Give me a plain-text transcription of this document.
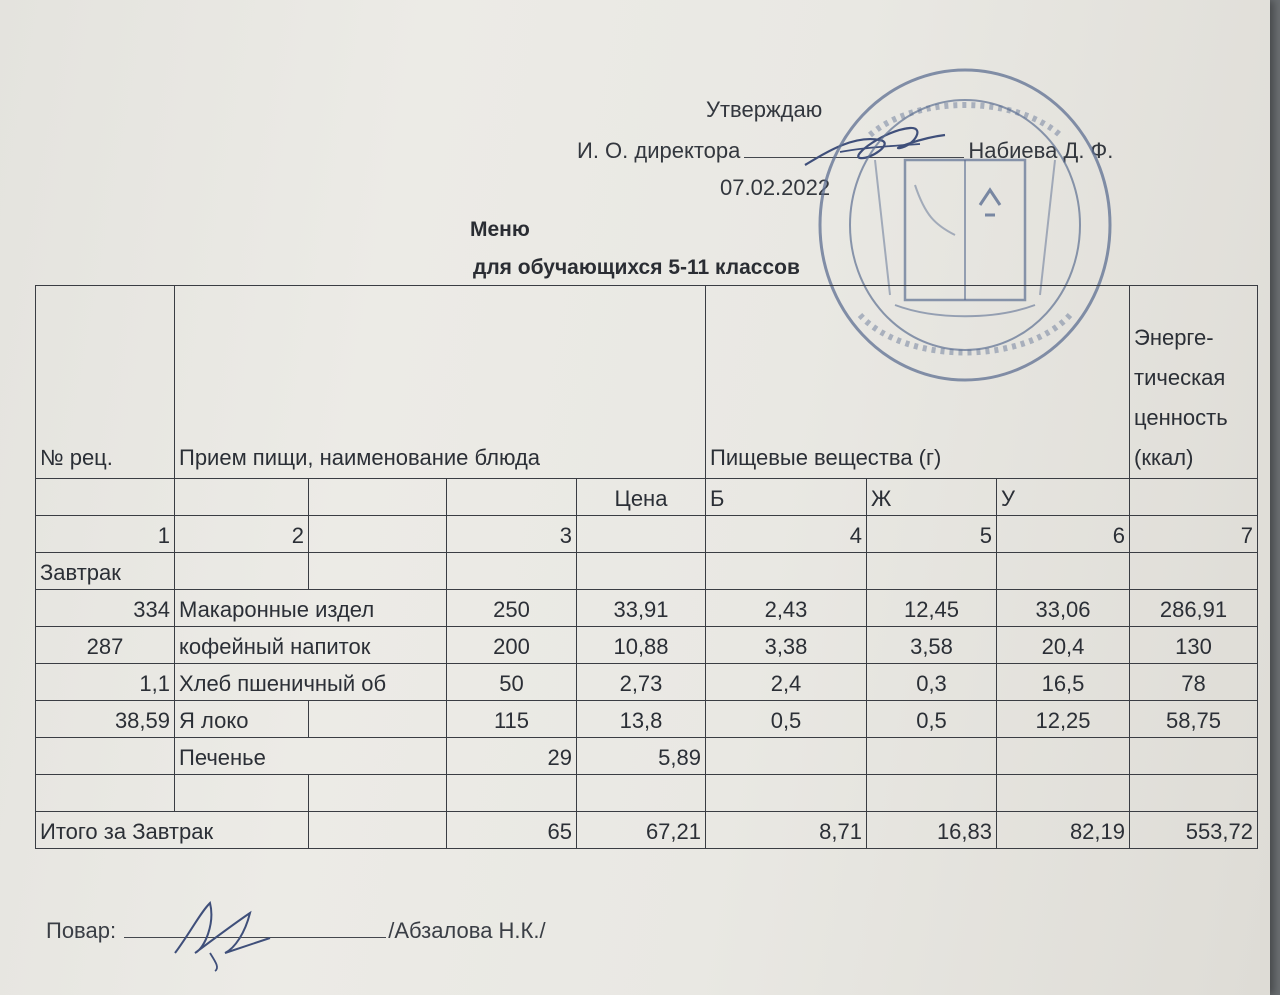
Утверждаю
И. О. директора	Набиева Д. Ф.
07.02.2022
Меню
для обучающихся 5-11 классов
№ рец.	Прием пищи, наименование блюда				Пищевые вещества (г)			Энерге-тическая ценность (ккал)
				Цена	Б	Ж	У	
1	2		3		4	5	6	7
Завтрак								
334	Макаронные издел		250	33,91	2,43	12,45	33,06	286,91
287	кофейный напиток		200	10,88	3,38	3,58	20,4	130
1,1	Хлеб пшеничный об		50	2,73	2,4	0,3	16,5	78
38,59	Я локо		115	13,8	0,5	0,5	12,25	58,75
	Печенье		29	5,89				

Итого за Завтрак			65	67,21	8,71	16,83	82,19	553,72
Повар:	/Абзалова Н.К./
